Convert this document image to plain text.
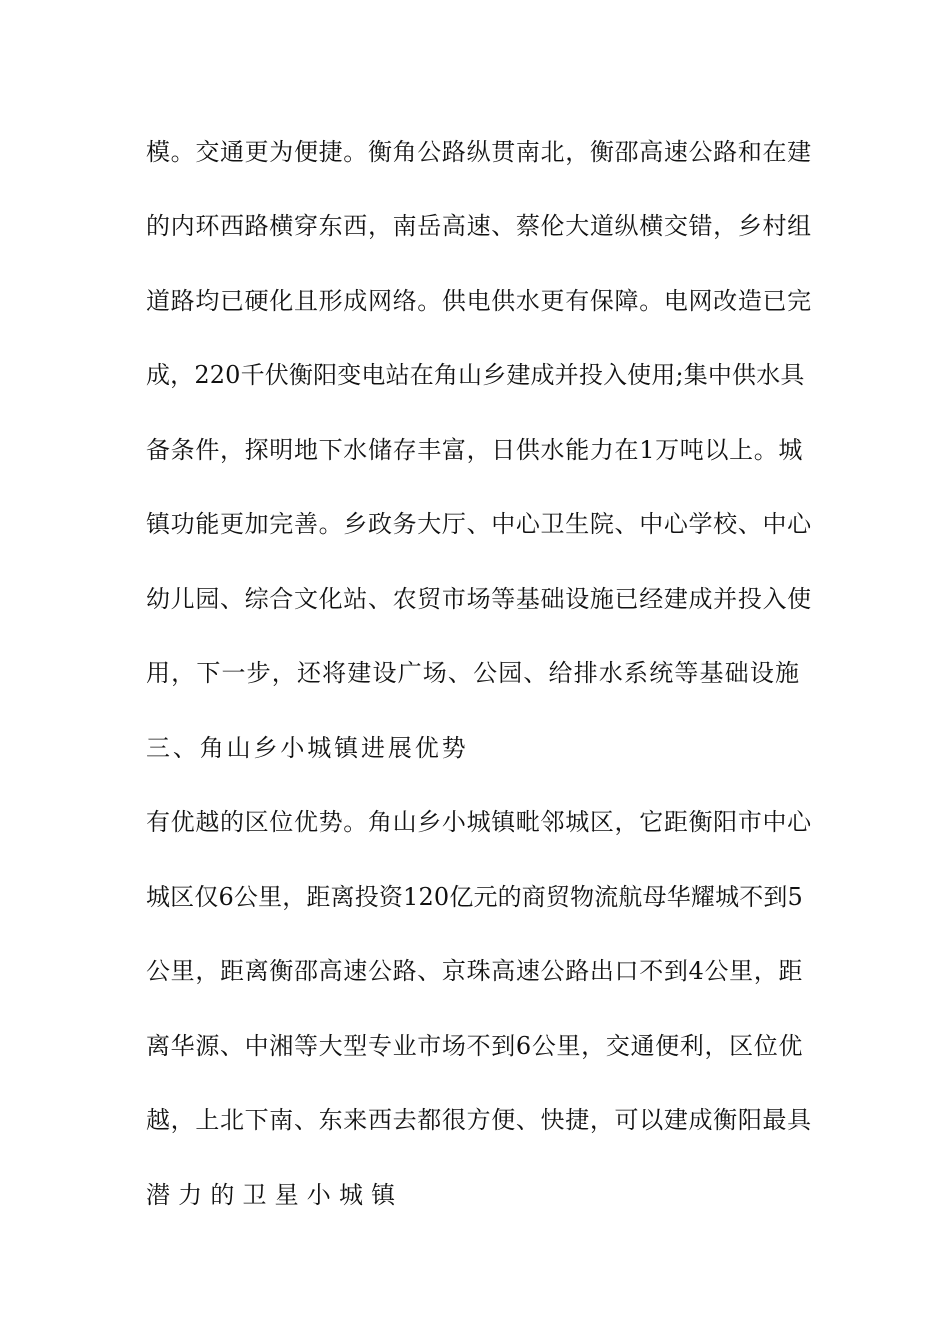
模。交通更为便捷。衡角公路纵贯南北，衡邵高速公路和在建
的内环西路横穿东西，南岳高速、蔡伦大道纵横交错，乡村组
道路均已硬化且形成网络。供电供水更有保障。电网改造已完
成，220千伏衡阳变电站在角山乡建成并投入使用;集中供水具
备条件，探明地下水储存丰富，日供水能力在1万吨以上。城
镇功能更加完善。乡政务大厅、中心卫生院、中心学校、中心
幼儿园、综合文化站、农贸市场等基础设施已经建成并投入使
用，下一步，还将建设广场、公园、给排水系统等基础设施
三、角山乡小城镇进展优势
有优越的区位优势。角山乡小城镇毗邻城区，它距衡阳市中心
城区仅6公里，距离投资120亿元的商贸物流航母华耀城不到5
公里，距离衡邵高速公路、京珠高速公路出口不到4公里，距
离华源、中湘等大型专业市场不到6公里，交通便利，区位优
越，上北下南、东来西去都很方便、快捷，可以建成衡阳最具
潜力的卫星小城镇
